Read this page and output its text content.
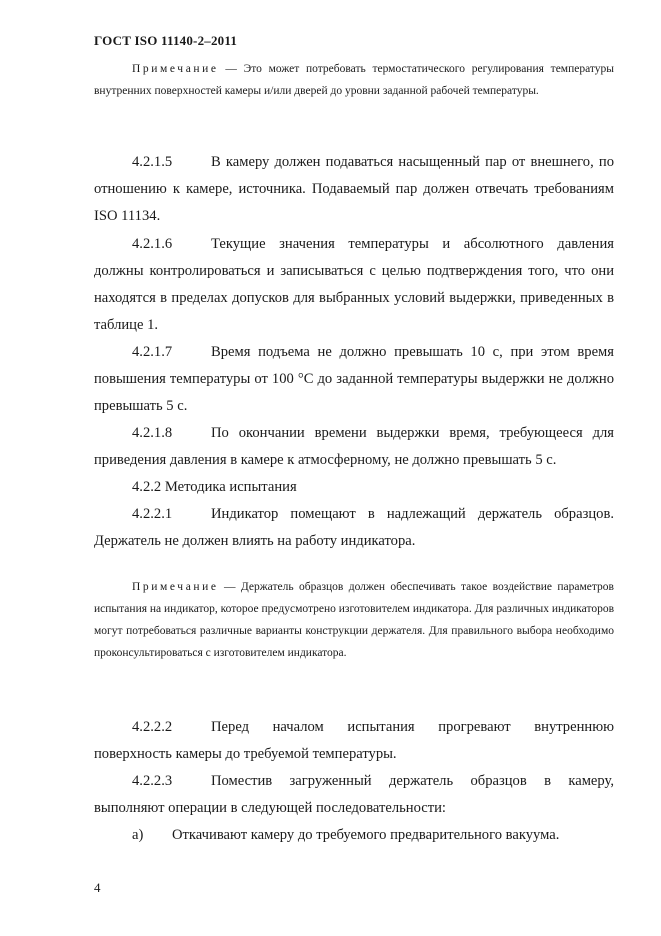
ГОСТ ISO 11140-2–2011
Примечание — Это может потребовать термостатического регулирования температуры внутренних поверхностей камеры и/или дверей до уровни заданной рабочей температуры.
4.2.1.5	В камеру должен подаваться насыщенный пар от внешнего, по отношению к камере, источника. Подаваемый пар должен отвечать требованиям ISO 11134.
4.2.1.6	Текущие значения температуры и абсолютного давления должны контролироваться и записываться с целью подтверждения того, что они находятся в пределах допусков для выбранных условий выдержки, приведенных в таблице 1.
4.2.1.7	Время подъема не должно превышать 10 с, при этом время повышения температуры от 100 °С до заданной температуры выдержки не должно превышать 5 с.
4.2.1.8	По окончании времени выдержки время, требующееся для приведения давления в камере к атмосферному, не должно превышать 5 с.
4.2.2 Методика испытания
4.2.2.1	Индикатор помещают в надлежащий держатель образцов. Держатель не должен влиять на работу индикатора.
Примечание — Держатель образцов должен обеспечивать такое воздействие параметров испытания на индикатор, которое предусмотрено изготовителем индикатора. Для различных индикаторов могут потребоваться различные варианты конструкции держателя. Для правильного выбора необходимо проконсультироваться с изготовителем индикатора.
4.2.2.2	Перед началом испытания прогревают внутреннюю поверхность камеры до требуемой температуры.
4.2.2.3	Поместив загруженный держатель образцов в камеру, выполняют операции в следующей последовательности:
а) Откачивают камеру до требуемого предварительного вакуума.
4
